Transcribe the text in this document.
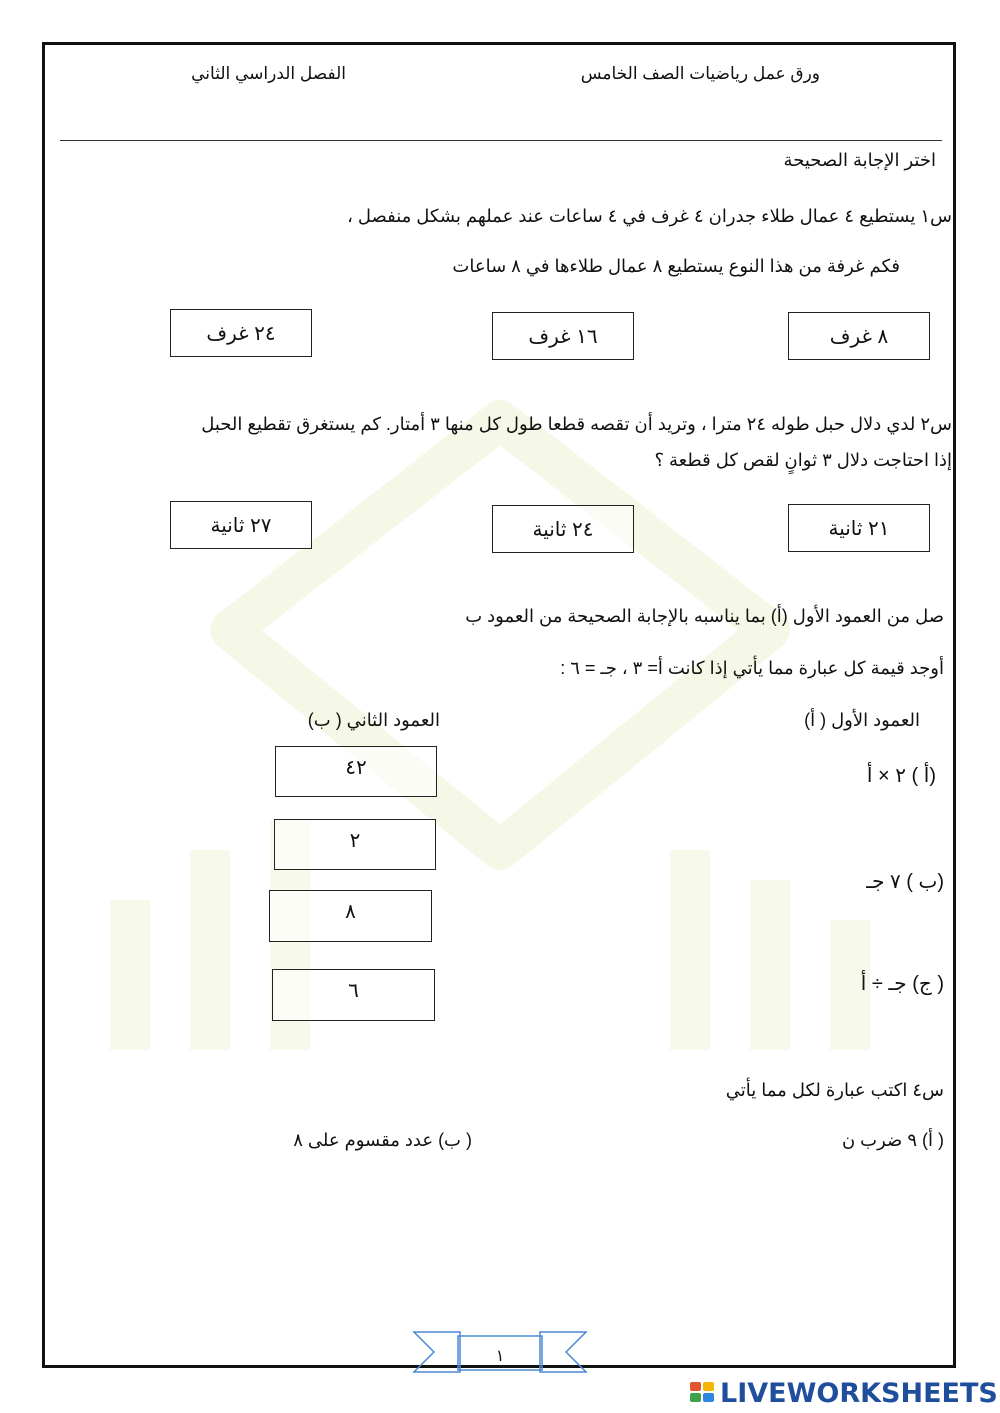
ورق عمل رياضيات الصف الخامس
الفصل الدراسي الثاني
اختر الإجابة الصحيحة
س١ يستطيع ٤ عمال طلاء جدران ٤ غرف في ٤ ساعات عند عملهم بشكل منفصل ،
فكم غرفة من هذا النوع يستطيع ٨ عمال طلاءها في ٨ ساعات
٨ غرف
١٦ غرف
٢٤ غرف
س٢ لدي دلال حبل طوله ٢٤ مترا ، وتريد أن تقصه قطعا طول كل منها ٣ أمتار. كم يستغرق تقطيع الحبل
إذا احتاجت دلال ٣ ثوانٍ لقص كل قطعة ؟
٢١ ثانية
٢٤ ثانية
٢٧ ثانية
صل من العمود الأول (أ) بما يناسبه بالإجابة الصحيحة من العمود ب
أوجد قيمة كل عبارة مما يأتي إذا كانت أ= ٣ ، جـ = ٦ :
العمود الأول ( أ)
العمود الثاني ( ب)
(أ ) ٢ × أ
(ب ) ٧ جـ
( ج) جـ ÷ أ
٤٢
٢
٨
٦
س٤ اكتب عبارة لكل مما يأتي
( أ) ٩ ضرب ن
( ب) عدد مقسوم على ٨
١
LIVEWORKSHEETS
